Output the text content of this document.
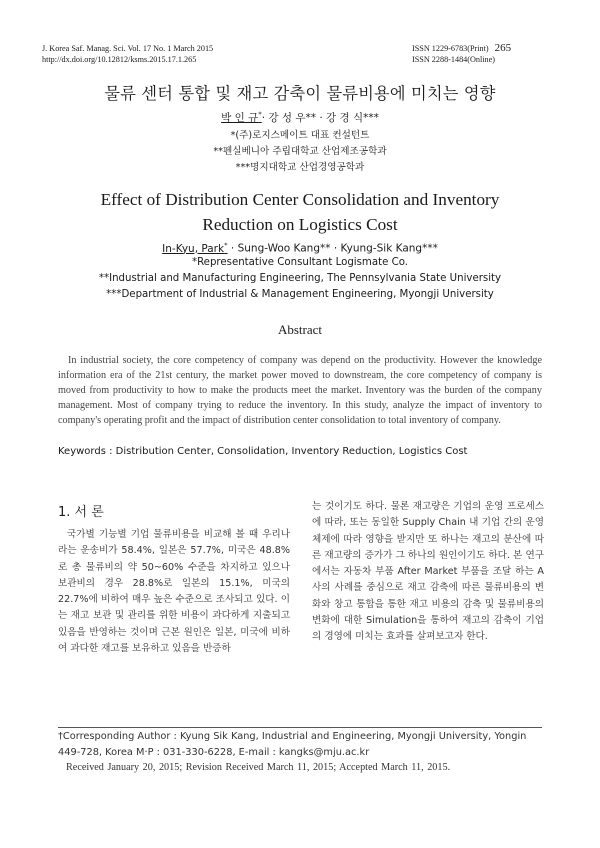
J. Korea Saf. Manag. Sci. Vol. 17 No. 1 March 2015
http://dx.doi.org/10.12812/ksms.2015.17.1.265
ISSN 1229-6783(Print) 265
ISSN 2288-1484(Online)
물류 센터 통합 및 재고 감축이 물류비용에 미치는 영향
박 인 규*· 강 성 우** · 강 경 식***
*(주)로지스메이트 대표 컨설턴트
**펜실베니아 주립대학교 산업제조공학과
***명지대학교 산업경영공학과
Effect of Distribution Center Consolidation and Inventory
Reduction on Logistics Cost
In-Kyu, Park* · Sung-Woo Kang** · Kyung-Sik Kang***
*Representative Consultant Logismate Co.
**Industrial and Manufacturing Engineering, The Pennsylvania State University
***Department of Industrial & Management Engineering, Myongji University
Abstract
In industrial society, the core competency of company was depend on the productivity. However the knowledge information era of the 21st century, the market power moved to downstream, the core competency of company is moved from productivity to how to make the products meet the market. Inventory was the burden of the company management. Most of company trying to reduce the inventory. In this study, analyze the impact of inventory to company's operating profit and the impact of distribution center consolidation to total inventory of company.
Keywords : Distribution Center, Consolidation, Inventory Reduction, Logistics Cost
1. 서 론
국가별 기능별 기업 물류비용을 비교해 볼 때 우리나라는 운송비가 58.4%, 일본은 57.7%, 미국은 48.8%로 총 물류비의 약 50~60% 수준을 차지하고 있으나 보관비의 경우 28.8%로 일본의 15.1%, 미국의 22.7%에 비하여 매우 높은 수준으로 조사되고 있다. 이는 재고 보관 및 관리를 위한 비용이 과다하게 지출되고 있음을 반영하는 것이며 근본 원인은 일본, 미국에 비하여 과다한 재고를 보유하고 있음을 반증하
는 것이기도 하다. 물론 재고량은 기업의 운영 프로세스에 따라, 또는 동일한 Supply Chain 내 기업 간의 운영체제에 따라 영향을 받지만 또 하나는 재고의 분산에 따른 재고량의 증가가 그 하나의 원인이기도 하다. 본 연구에서는 자동차 부품 After Market 부품을 조달 하는 A사의 사례를 중심으로 재고 감축에 따른 물류비용의 변화와 창고 통합을 통한 재고 비용의 감축 및 물류비용의 변화에 대한 Simulation을 통하여 재고의 감축이 기업의 경영에 미치는 효과를 살펴보고자 한다.
†Corresponding Author : Kyung Sik Kang, Industrial and Engineering, Myongji University, Yongin 449-728, Korea M·P : 031-330-6228, E-mail : kangks@mju.ac.kr
Received January 20, 2015; Revision Received March 11, 2015; Accepted March 11, 2015.
